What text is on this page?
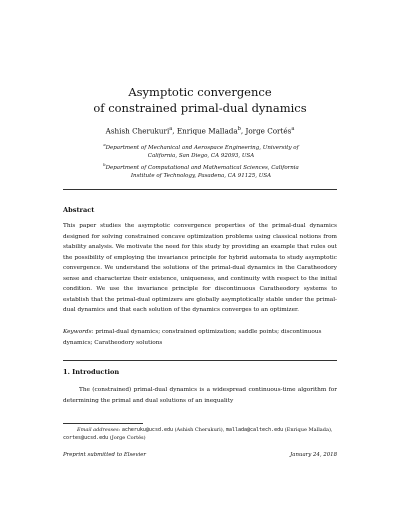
Asymptotic convergence
of constrained primal-dual dynamics
Ashish Cherukuri$^a$, Enrique Mallada$^b$, Jorge Cortés$^a$
$^a$Department of Mechanical and Aerospace Engineering, University of California, San Diego, CA 92093, USA
$^b$Department of Computational and Mathematical Sciences, California Institute of Technology, Pasadena, CA 91125, USA
Abstract
This paper studies the asymptotic convergence properties of the primal-dual dynamics designed for solving constrained concave optimization problems using classical notions from stability analysis. We motivate the need for this study by providing an example that rules out the possibility of employing the invariance principle for hybrid automata to study asymptotic convergence. We understand the solutions of the primal-dual dynamics in the Caratheodory sense and characterize their existence, uniqueness, and continuity with respect to the initial condition. We use the invariance principle for discontinuous Caratheodory systems to establish that the primal-dual optimizers are globally asymptotically stable under the primal-dual dynamics and that each solution of the dynamics converges to an optimizer.
Keywords: primal-dual dynamics; constrained optimization; saddle points; discontinuous dynamics; Caratheodory solutions
1. Introduction
The (constrained) primal-dual dynamics is a widespread continuous-time algorithm for determining the primal and dual solutions of an inequality
Email addresses: acheruku@ucsd.edu (Ashish Cherukuri), mallada@caltech.edu (Enrique Mallada), cortes@ucsd.edu (Jorge Cortés)
Preprint submitted to Elsevier	January 24, 2018
